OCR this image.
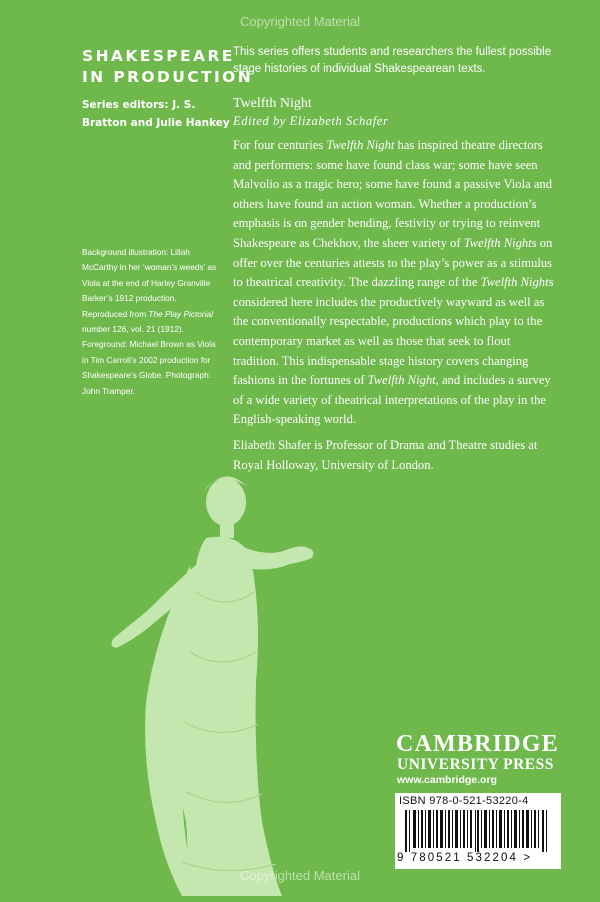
Copyrighted Material
SHAKESPEARE
IN PRODUCTION
Series editors: J. S. Bratton and Julie Hankey
This series offers students and researchers the fullest possible stage histories of individual Shakespearean texts.
Twelfth Night
Edited by Elizabeth Schafer

For four centuries Twelfth Night has inspired theatre directors and performers: some have found class war; some have seen Malvolio as a tragic hero; some have found a passive Viola and others have found an action woman. Whether a production’s emphasis is on gender bending, festivity or trying to reinvent Shakespeare as Chekhov, the sheer variety of Twelfth Nights on offer over the centuries attests to the play’s power as a stimulus to theatrical creativity. The dazzling range of the Twelfth Nights considered here includes the productively wayward as well as the conventionally respectable, productions which play to the contemporary market as well as those that seek to flout tradition. This indispensable stage history covers changing fashions in the fortunes of Twelfth Night, and includes a survey of a wide variety of theatrical interpretations of the play in the English-speaking world.

Eliabeth Shafer is Professor of Drama and Theatre studies at Royal Holloway, University of London.

Background illustration: Lillah McCarthy in her ‘woman’s weeds’ as Viola at the end of Harley Granville Barker’s 1912 production. Reproduced from The Play Pictorial number 126, vol. 21 (1912). Foreground: Michael Brown as Viola in Tim Carroll’s 2002 production for Shakespeare’s Globe. Photograph: John Tramper.

CAMBRIDGE
UNIVERSITY PRESS
www.cambridge.org
ISBN 978-0-521-53220-4
9 780521 532204 >
Copyrighted Material
